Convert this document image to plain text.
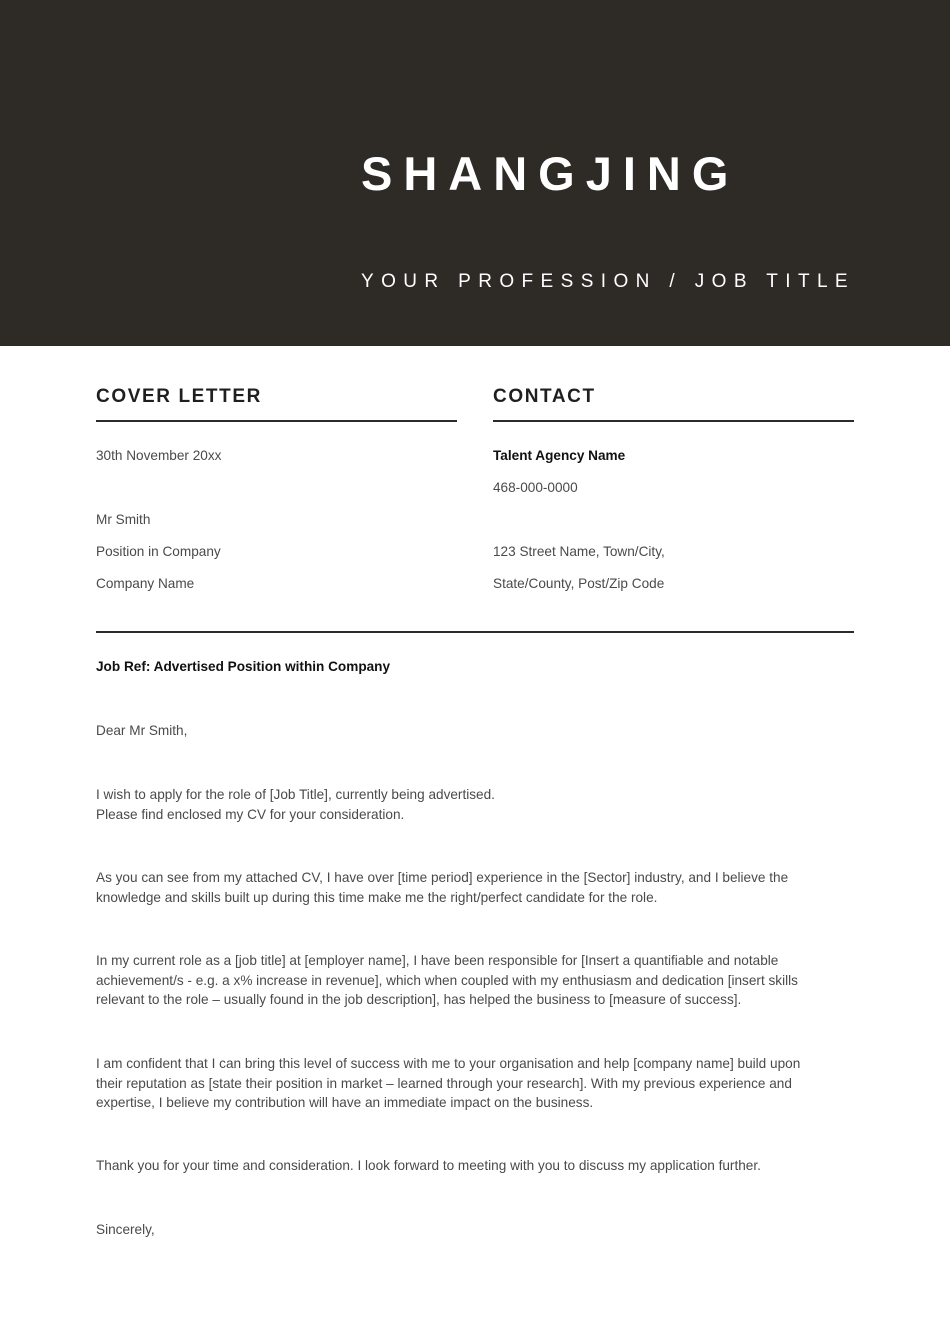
SHANGJING
YOUR PROFESSION / JOB TITLE
COVER LETTER
30th November 20xx
Mr Smith
Position in Company
Company Name
CONTACT
Talent Agency Name
468-000-0000
123 Street Name, Town/City,
State/County, Post/Zip Code
Job Ref: Advertised Position within Company
Dear Mr Smith,
I wish to apply for the role of [Job Title], currently being advertised.
Please find enclosed my CV for your consideration.
As you can see from my attached CV, I have over [time period] experience in the [Sector] industry, and I believe the
knowledge and skills built up during this time make me the right/perfect candidate for the role.
In my current role as a [job title] at [employer name], I have been responsible for [Insert a quantifiable and notable
achievement/s - e.g. a x% increase in revenue], which when coupled with my enthusiasm and dedication [insert skills
relevant to the role – usually found in the job description], has helped the business to [measure of success].
I am confident that I can bring this level of success with me to your organisation and help [company name] build upon
their reputation as [state their position in market – learned through your research]. With my previous experience and
expertise, I believe my contribution will have an immediate impact on the business.
Thank you for your time and consideration. I look forward to meeting with you to discuss my application further.
Sincerely,
